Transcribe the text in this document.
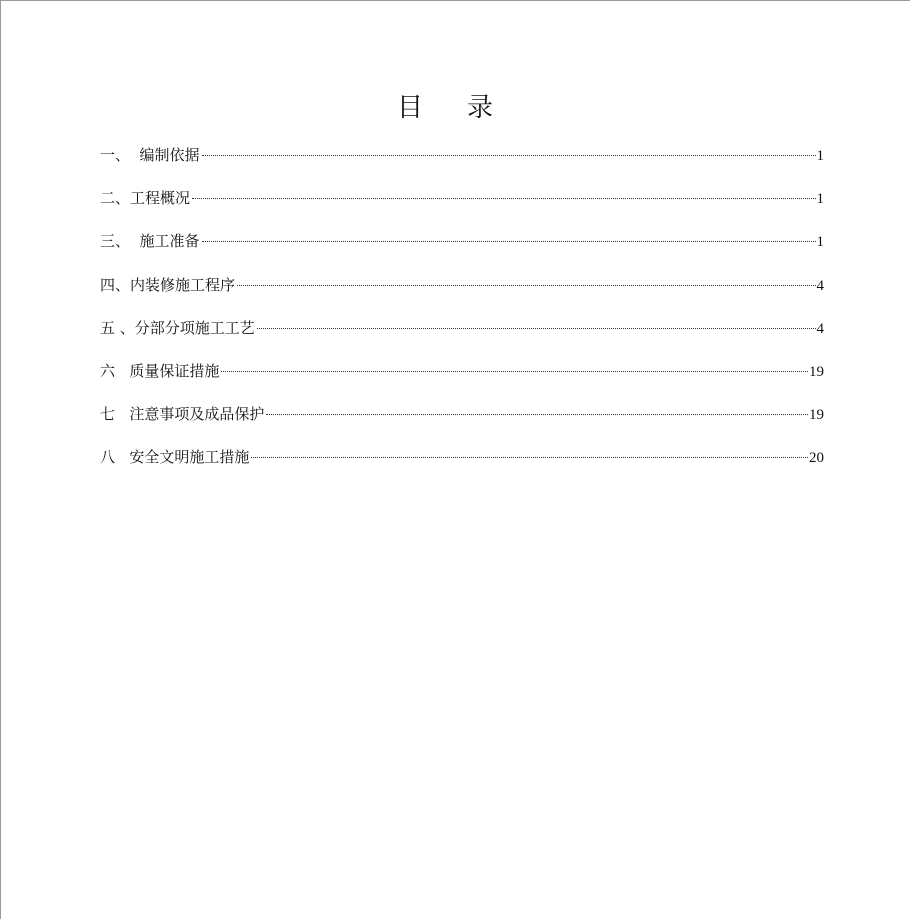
目 录
一、 编制依据	1
二、 工程概况	1
三、 施工准备	1
四、 内装修施工程序	4
五 、 分部分项施工工艺	4
六 质量保证措施	19
七 注意事项及成品保护	19
八 安全文明施工措施	20
